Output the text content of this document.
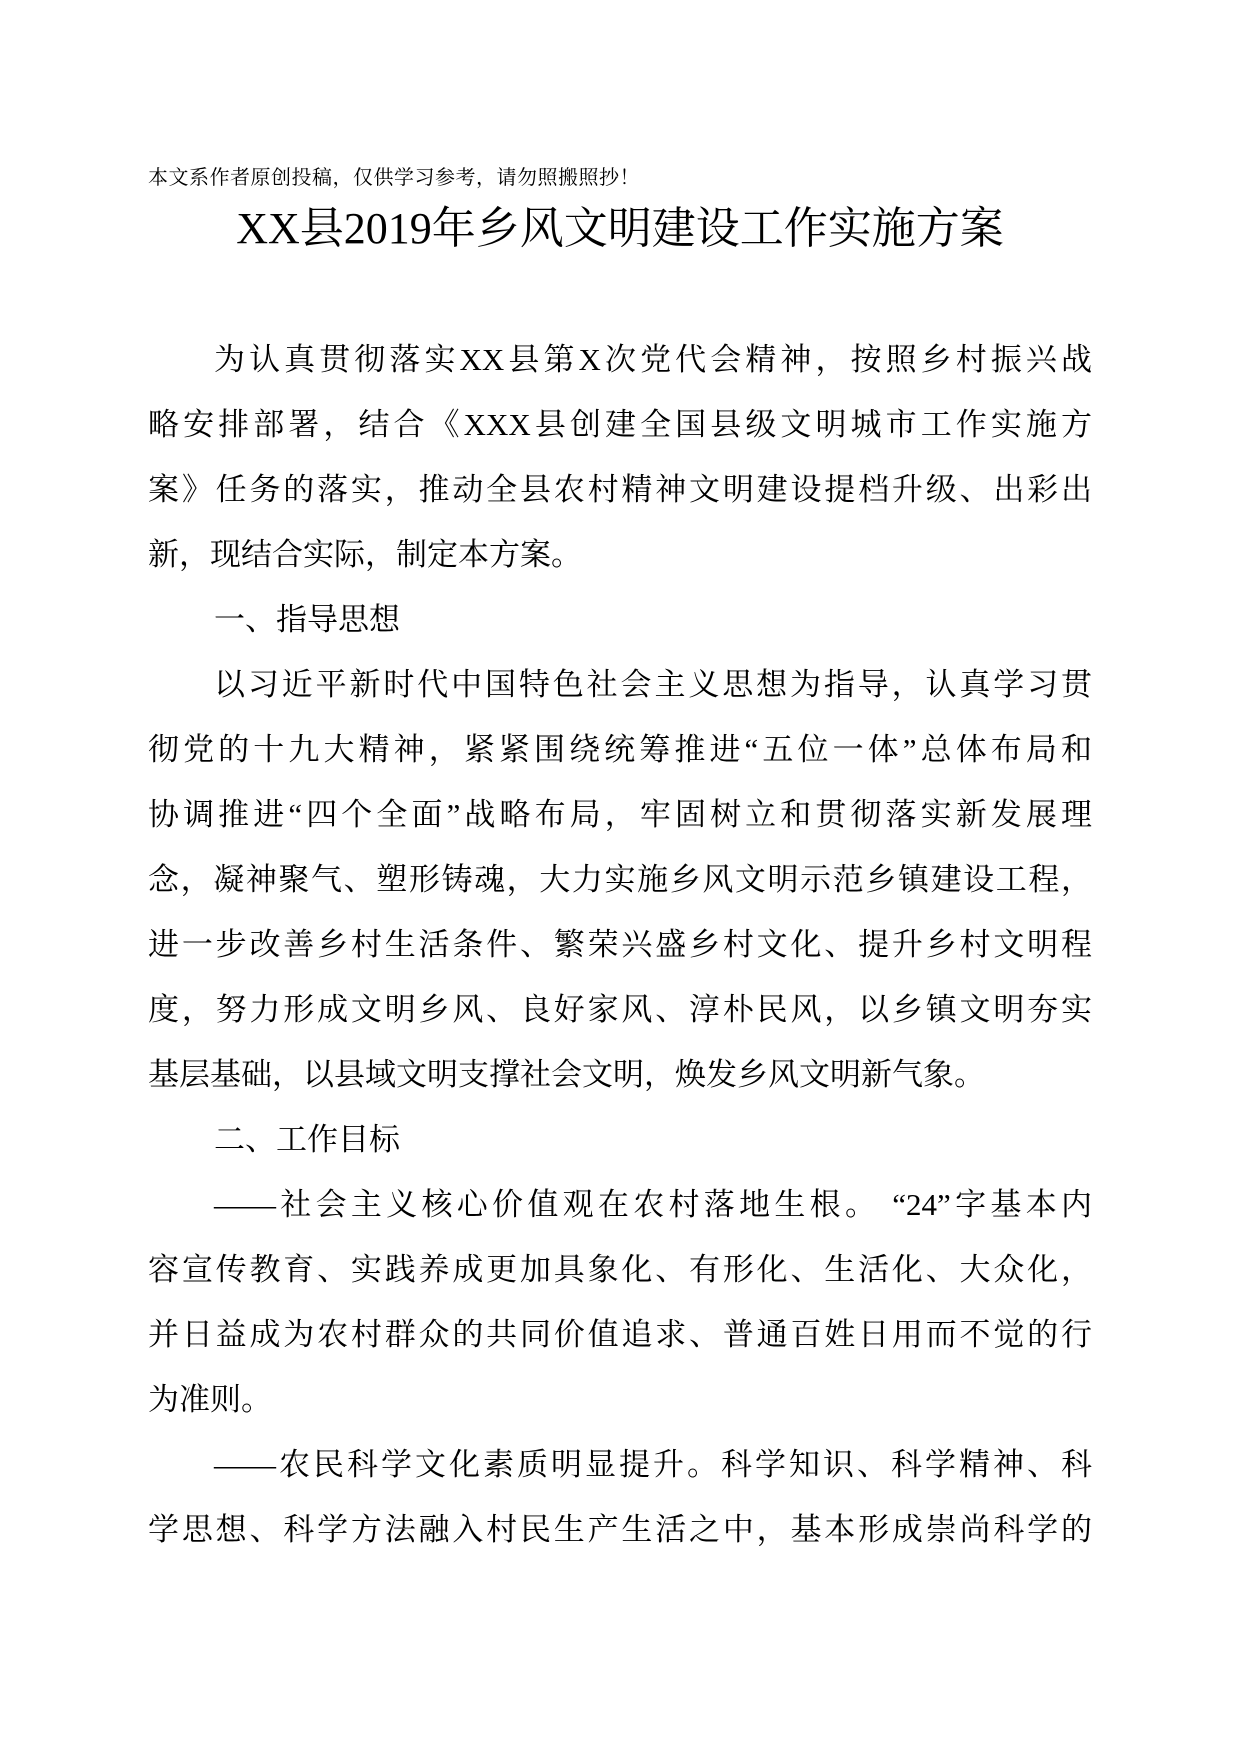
本文系作者原创投稿，仅供学习参考，请勿照搬照抄！
XX县2019年乡风文明建设工作实施方案
为认真贯彻落实XX县第X次党代会精神，按照乡村振兴战
略安排部署，结合《XXX县创建全国县级文明城市工作实施方
案》任务的落实，推动全县农村精神文明建设提档升级、出彩出
新，现结合实际，制定本方案。
一、指导思想
以习近平新时代中国特色社会主义思想为指导，认真学习贯
彻党的十九大精神，紧紧围绕统筹推进“五位一体”总体布局和
协调推进“四个全面”战略布局，牢固树立和贯彻落实新发展理
念，凝神聚气、塑形铸魂，大力实施乡风文明示范乡镇建设工程，
进一步改善乡村生活条件、繁荣兴盛乡村文化、提升乡村文明程
度，努力形成文明乡风、良好家风、淳朴民风，以乡镇文明夯实
基层基础，以县域文明支撑社会文明，焕发乡风文明新气象。
二、工作目标
——社会主义核心价值观在农村落地生根。 “24”字基本内
容宣传教育、实践养成更加具象化、有形化、生活化、大众化，
并日益成为农村群众的共同价值追求、普通百姓日用而不觉的行
为准则。
——农民科学文化素质明显提升。科学知识、科学精神、科
学思想、科学方法融入村民生产生活之中，基本形成崇尚科学的
